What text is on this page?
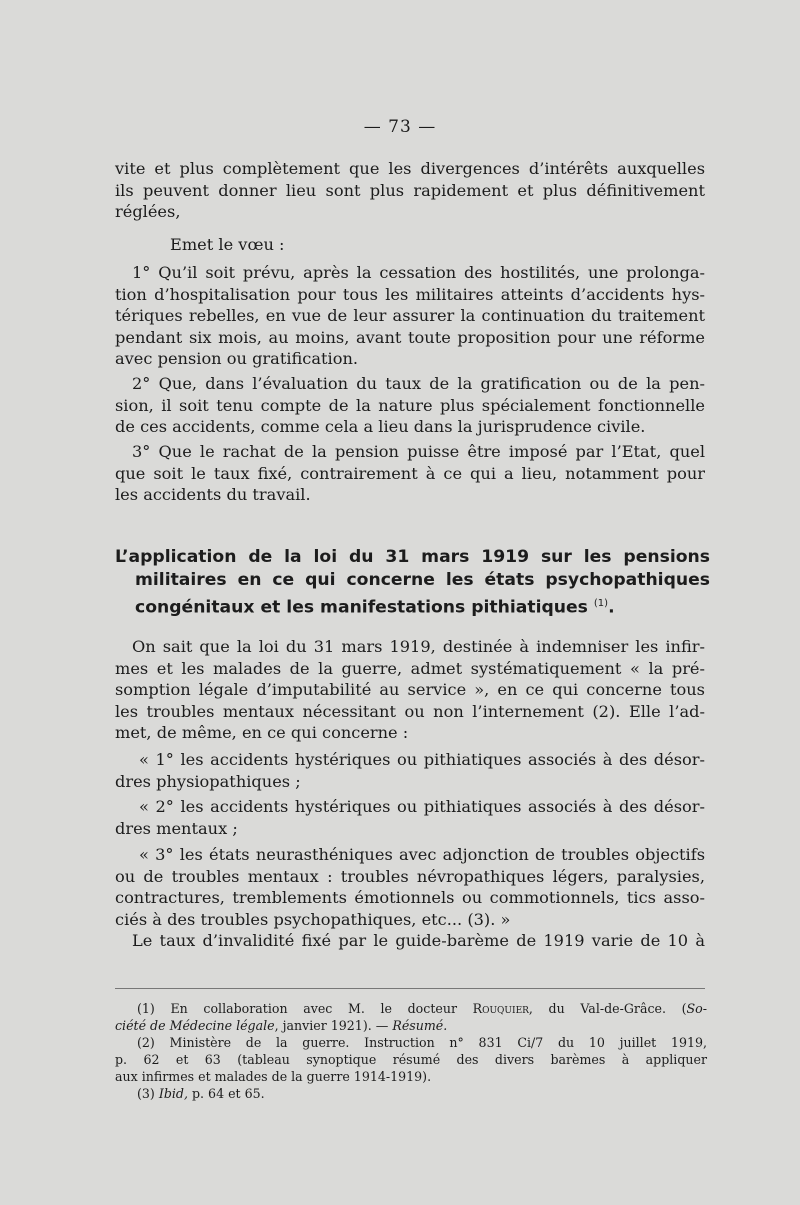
— 73 —

vite et plus complètement que les divergences d’intérêts auxquelles

ils peuvent donner lieu sont plus rapidement et plus définitivement

réglées,

Emet le vœu :

1° Qu’il soit prévu, après la cessation des hostilités, une prolonga-

tion d’hospitalisation pour tous les militaires atteints d’accidents hys-

tériques rebelles, en vue de leur assurer la continuation du traitement

pendant six mois, au moins, avant toute proposition pour une réforme

avec pension ou gratification.

2° Que, dans l’évaluation du taux de la gratification ou de la pen-

sion, il soit tenu compte de la nature plus spécialement fonctionnelle

de ces accidents, comme cela a lieu dans la jurisprudence civile.

3° Que le rachat de la pension puisse être imposé par l’Etat, quel

que soit le taux fixé, contrairement à ce qui a lieu, notamment pour

les accidents du travail.

L’application de la loi du 31 mars 1919 sur les pensions
militaires en ce qui concerne les états psychopathiques
congénitaux et les manifestations pithiatiques $^{(1)}$.

On sait que la loi du 31 mars 1919, destinée à indemniser les infir-

mes et les malades de la guerre, admet systématiquement « la pré-

somption légale d’imputabilité au service », en ce qui concerne tous

les troubles mentaux nécessitant ou non l’internement (2). Elle l’ad-

met, de même, en ce qui concerne :

« 1° les accidents hystériques ou pithiatiques associés à des désor-

dres physiopathiques ;

« 2° les accidents hystériques ou pithiatiques associés à des désor-

dres mentaux ;

« 3° les états neurasthéniques avec adjonction de troubles objectifs

ou de troubles mentaux : troubles névropathiques légers, paralysies,

contractures, tremblements émotionnels ou commotionnels, tics asso-

ciés à des troubles psychopathiques, etc... (3). »

Le taux d’invalidité fixé par le guide-barème de 1919 varie de 10 à

(1) En collaboration avec M. le docteur Rouquier, du Val-de-Grâce. (So-

ciété de Médecine légale, janvier 1921). — Résumé.

(2) Ministère de la guerre. Instruction n° 831 Ci/7 du 10 juillet 1919,

p. 62 et 63 (tableau synoptique résumé des divers barèmes à appliquer

aux infirmes et malades de la guerre 1914-1919).

(3) Ibid, p. 64 et 65.
